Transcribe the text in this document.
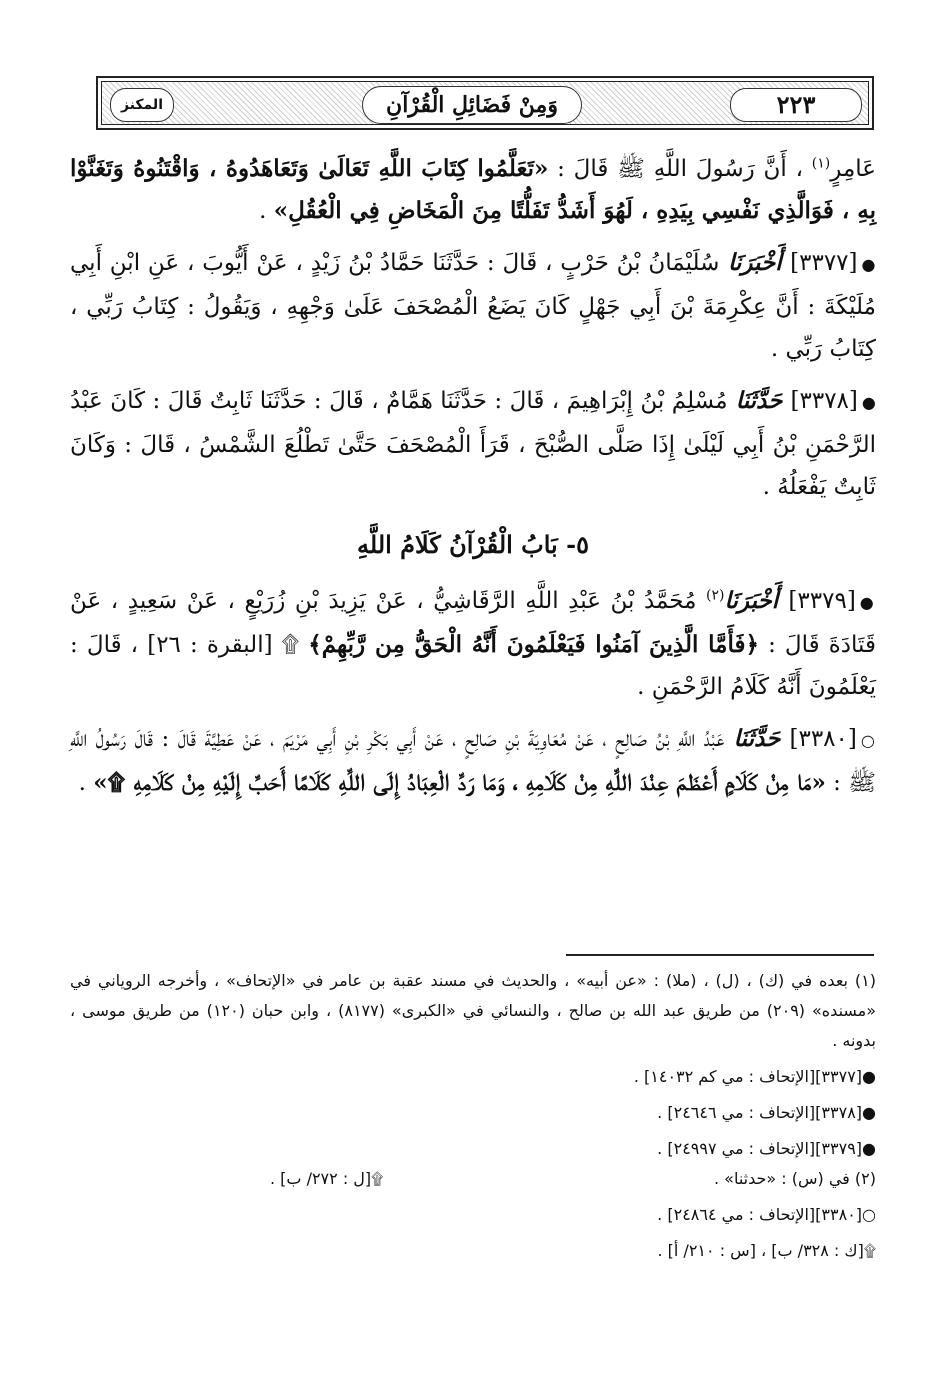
المكنز	وَمِنْ فَضَائِلِ الْقُرْآنِ	٢٢٣

عَامِرٍ$^{(١)}$ ، أَنَّ رَسُولَ اللَّهِ ﷺ قَالَ : «تَعَلَّمُوا كِتَابَ اللَّهِ تَعَالَىٰ وَتَعَاهَدُوهُ ، وَاقْتَنُوهُ وَتَغَنَّوْا بِهِ ، فَوَالَّذِي نَفْسِي بِيَدِهِ ، لَهُوَ أَشَدُّ تَفَلُّتًا مِنَ الْمَخَاضِ فِي الْعُقُلِ» .

●[٣٣٧٧] أَخْبَرَنَا سُلَيْمَانُ بْنُ حَرْبٍ ، قَالَ : حَدَّثَنَا حَمَّادُ بْنُ زَيْدٍ ، عَنْ أَيُّوبَ ، عَنِ ابْنِ أَبِي مُلَيْكَةَ : أَنَّ عِكْرِمَةَ بْنَ أَبِي جَهْلٍ كَانَ يَضَعُ الْمُصْحَفَ عَلَىٰ وَجْهِهِ ، وَيَقُولُ : كِتَابُ رَبِّي ، كِتَابُ رَبِّي .

●[٣٣٧٨] حَدَّثَنَا مُسْلِمُ بْنُ إِبْرَاهِيمَ ، قَالَ : حَدَّثَنَا هَمَّامٌ ، قَالَ : حَدَّثَنَا ثَابِتٌ قَالَ : كَانَ عَبْدُ الرَّحْمَنِ بْنُ أَبِي لَيْلَىٰ إِذَا صَلَّى الصُّبْحَ ، قَرَأَ الْمُصْحَفَ حَتَّىٰ تَطْلُعَ الشَّمْسُ ، قَالَ : وَكَانَ ثَابِتٌ يَفْعَلُهُ .

٥- بَابُ الْقُرْآنُ كَلَامُ اللَّهِ

●[٣٣٧٩] أَخْبَرَنَا$^{(٢)}$ مُحَمَّدُ بْنُ عَبْدِ اللَّهِ الرَّقَاشِيُّ ، عَنْ يَزِيدَ بْنِ زُرَيْعٍ ، عَنْ سَعِيدٍ ، عَنْ قَتَادَةَ قَالَ : ﴿فَأَمَّا الَّذِينَ آمَنُوا فَيَعْلَمُونَ أَنَّهُ الْحَقُّ مِن رَّبِّهِمْ﴾ ۩ [البقرة : ٢٦] ، قَالَ : يَعْلَمُونَ أَنَّهُ كَلَامُ الرَّحْمَنِ .

○[٣٣٨٠] حَدَّثَنَا عَبْدُ اللَّهِ بْنُ صَالِحٍ ، عَنْ مُعَاوِيَةَ بْنِ صَالِحٍ ، عَنْ أَبِي بَكْرِ بْنِ أَبِي مَرْيَمَ ، عَنْ عَطِيَّةَ قَالَ : قَالَ رَسُولُ اللَّهِ ﷺ : «مَا مِنْ كَلَامٍ أَعْظَمَ عِنْدَ اللَّهِ مِنْ كَلَامِهِ ، وَمَا رَدَّ الْعِبَادُ إِلَى اللَّهِ كَلَامًا أَحَبَّ إِلَيْهِ مِنْ كَلَامِهِ ۩» .

(١) بعده في (ك) ، (ل) ، (ملا) : «عن أبيه» ، والحديث في مسند عقبة بن عامر في «الإتحاف» ، وأخرجه الروياني في «مسنده» (٢٠٩) من طريق عبد الله بن صالح ، والنسائي في «الكبرى» (٨١٧٧) ، وابن حبان (١٢٠) من طريق موسى ، بدونه .

●[٣٣٧٧][الإتحاف : مي كم ١٤٠٣٢] .

●[٣٣٧٨][الإتحاف : مي ٢٤٦٤٦] .

●[٣٣٧٩][الإتحاف : مي ٢٤٩٩٧] .

(٢) في (س) : «حدثنا» .
۩[ل : ٢٧٢/ ب] .

○[٣٣٨٠][الإتحاف : مي ٢٤٨٦٤] .

۩[ك : ٣٢٨/ ب] ، [س : ٢١٠/ أ] .
